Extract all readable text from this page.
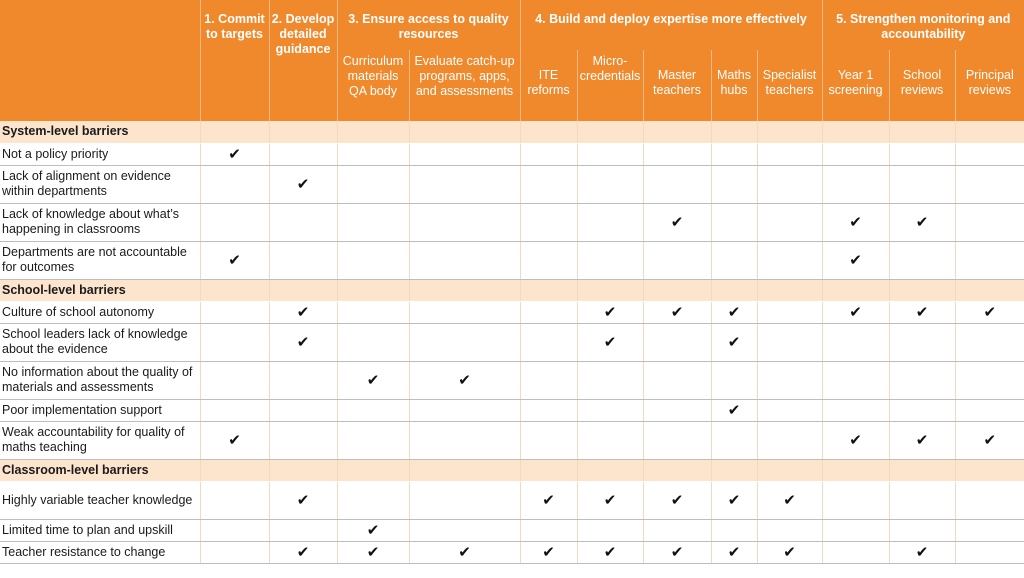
	1. Commit to targets	2. Develop detailed guidance	3. Ensure access to quality resources		4. Build and deploy expertise more effectively					5. Strengthen monitoring and accountability		
			Curriculum materials QA body	Evaluate catch-up programs, apps, and assessments	ITE reforms	Micro-credentials	Master teachers	Maths hubs	Specialist teachers	Year 1 screening	School reviews	Principal reviews
System-level barriers												
Not a policy priority	✔											
Lack of alignment on evidence within departments		✔										
Lack of knowledge about what’s happening in classrooms							✔			✔	✔	
Departments are not accountable for outcomes	✔									✔		
School-level barriers												
Culture of school autonomy		✔				✔	✔	✔		✔	✔	✔
School leaders lack of knowledge about the evidence		✔				✔		✔				
No information about the quality of materials and assessments			✔	✔								
Poor implementation support								✔				
Weak accountability for quality of maths teaching	✔									✔	✔	✔
Classroom-level barriers												
Highly variable teacher knowledge		✔			✔	✔	✔	✔	✔			
Limited time to plan and upskill			✔									
Teacher resistance to change		✔	✔	✔	✔	✔	✔	✔	✔		✔	
